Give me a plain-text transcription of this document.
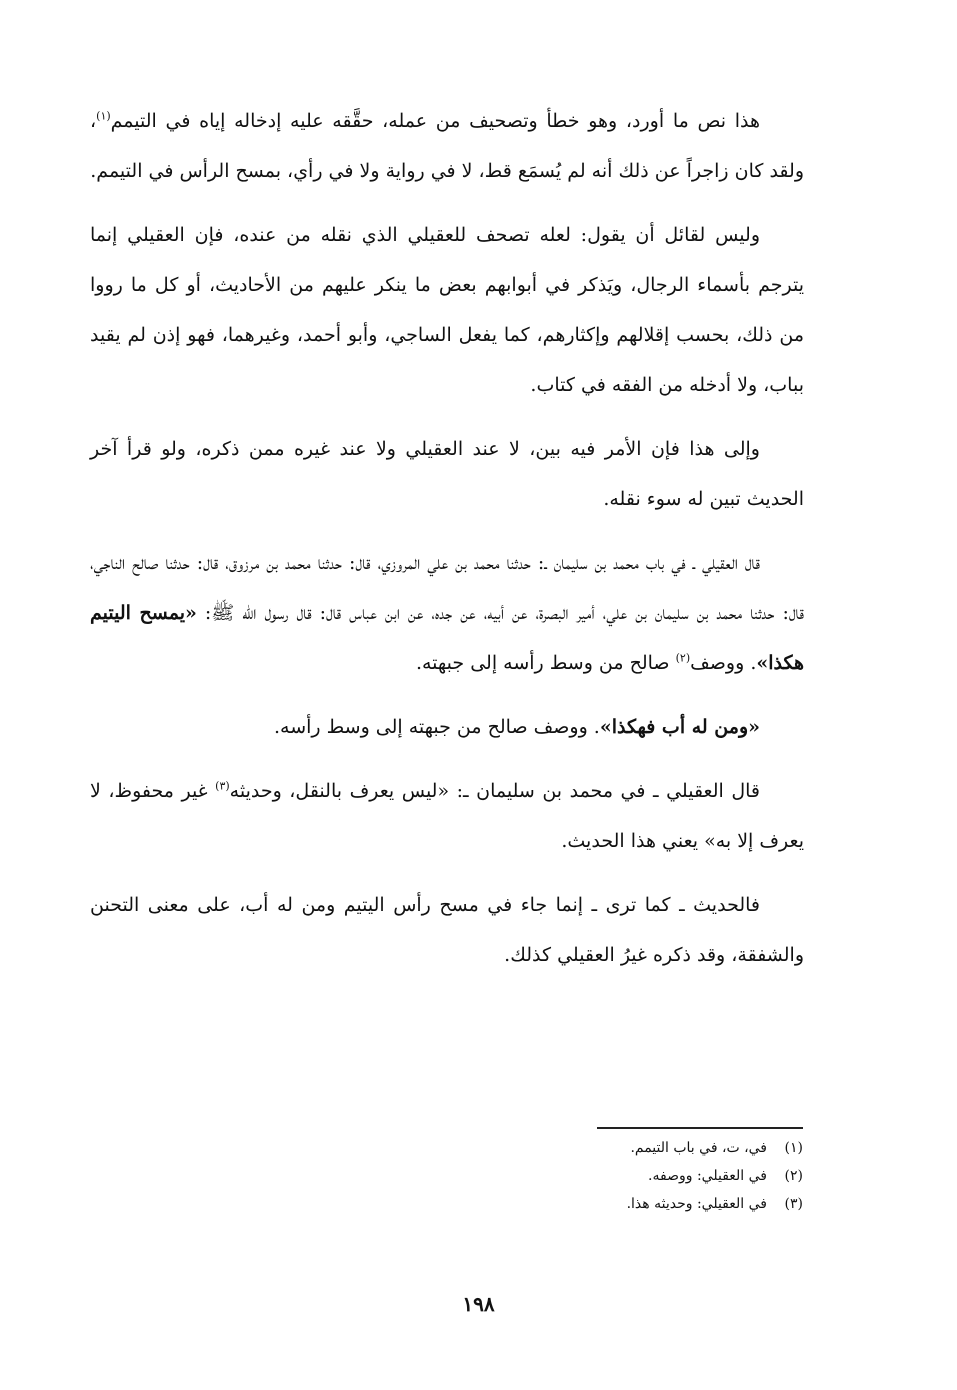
هذا نص ما أورد، وهو خطأ وتصحيف من عمله، حقَّقه عليه إدخاله إياه في التيمم$^{(١)}$، ولقد كان زاجراً عن ذلك أنه لم يُسمَع قط، لا في رواية ولا في رأي، بمسح الرأس في التيمم.

وليس لقائل أن يقول: لعله تصحف للعقيلي الذي نقله من عنده، فإن العقيلي إنما يترجم بأسماء الرجال، ويَذكر في أبوابهم بعض ما ينكر عليهم من الأحاديث، أو كل ما رووا من ذلك، بحسب إقلالهم وإكثارهم، كما يفعل الساجي، وأبو أحمد، وغيرهما، فهو إذن لم يقيد بباب، ولا أدخله من الفقه في كتاب.

وإلى هذا فإن الأمر فيه بين، لا عند العقيلي ولا عند غيره ممن ذكره، ولو قرأ آخر الحديث تبين له سوء نقله.

قال العقيلي ـ في باب محمد بن سليمان ـ: حدثنا محمد بن علي المروزي، قال: حدثنا محمد بن مرزوق، قال: حدثنا صالح الناجي، قال: حدثنا محمد بن سليمان بن علي، أمير البصرة، عن أبيه، عن جده، عن ابن عباس قال: قال رسول الله ﷺ: «يمسح اليتيم هكذا». ووصف$^{(٢)}$ صالح من وسط رأسه إلى جبهته.

«ومن له أب فهكذا». ووصف صالح من جبهته إلى وسط رأسه.

قال العقيلي ـ في محمد بن سليمان ـ: «ليس يعرف بالنقل، وحديثه$^{(٣)}$ غير محفوظ، لا يعرف إلا به» يعني هذا الحديث.

فالحديث ـ كما ترى ـ إنما جاء في مسح رأس اليتيم ومن له أب، على معنى التحنن والشفقة، وقد ذكره غيرُ العقيلي كذلك.

(١)في، ت، في باب التيمم.
(٢)في العقيلي: ووصفه.
(٣)في العقيلي: وحديثه هذا.
١٩٨
